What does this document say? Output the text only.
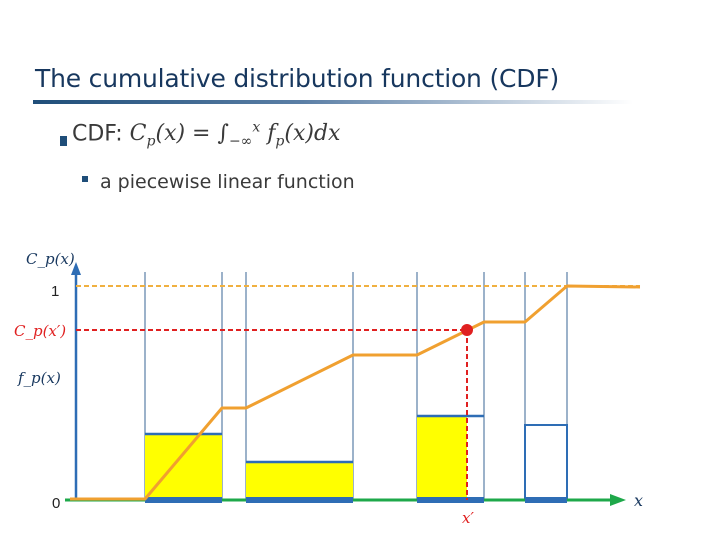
The cumulative distribution function (CDF)
CDF: $C_p(x) = \int_{-\infty}^x$ $f_p(x)dx$
a piecewise linear function
C_p(x)
1
C_p(x′)
f_p(x)
0	x
x′
